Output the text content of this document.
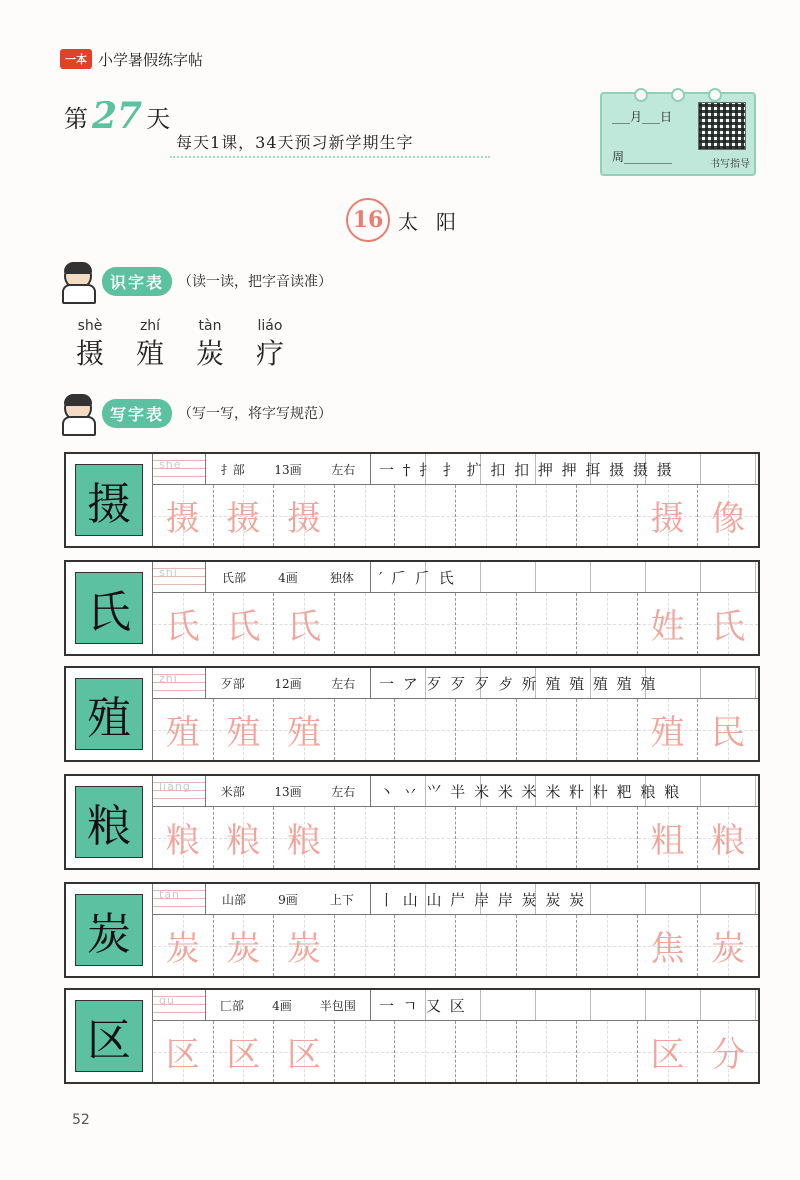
一本 小学暑假练字帖
第 27 天
每天1课，34天预习新学期生字
___月___日
周________
书写指导
16 太阳
识字表	（读一读，把字音读准）
shè
摄
zhí
殖
tàn
炭
liáo
疗
写字表	（写一写，将字写规范）
摄
shè	扌部 13画 左右	一 † 扌 扌 扩 扣 扣 押 押 挕 摄 摄 摄
摄 摄 摄	摄 像
氏
shì	氏部	4画	独体	′ 𠂆 𠂆 氏
氏 氏 氏	姓 氏
殖
zhí	歹部 12画 左右	一 ア 歹 歹 歹 歺 歽 殖 殖 殖 殖 殖
殖 殖 殖	殖 民
粮
liáng 米部 13画 左右	丶 丷 ⺍ 半 米 米 米 米 籵 籵 粑 粮 粮
粮 粮 粮	粗 粮
炭
tàn	山部	9画	上下	丨 山 山 屵 岸 岸 炭 炭 炭
炭 炭 炭	焦 炭
区
qū	匚部 4画 半包围	一 ㄱ 又 区
区 区 区	区 分
52
